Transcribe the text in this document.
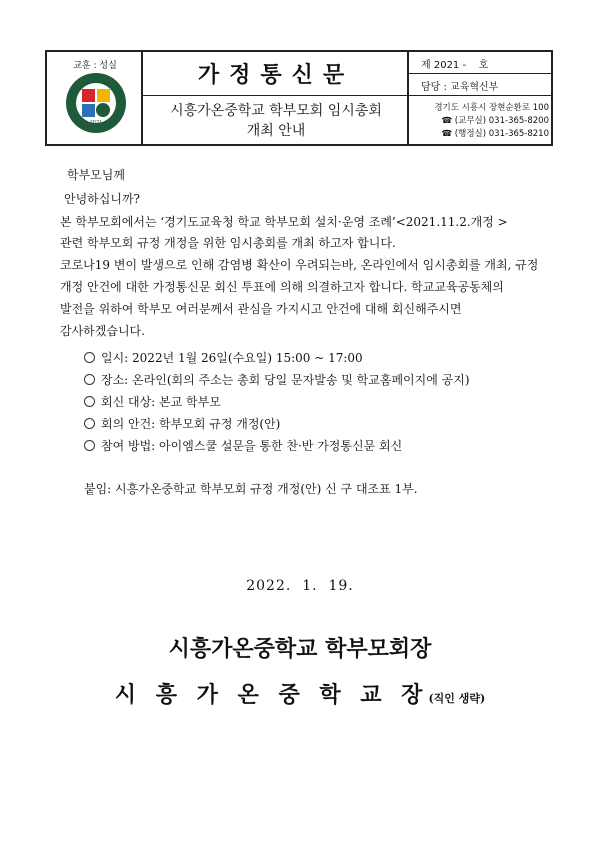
교훈 : 성실
2021
가정통신문
시흥가온중학교 학부모회 임시총회
개최 안내
제 2021 -    호
담당 : 교육혁신부
경기도 시흥시 장현순환로 100
☎ (교무실) 031-365-8200
☎ (행정실) 031-365-8210
학부모님께
안녕하십니까?
본 학부모회에서는 ‘경기도교육청 학교 학부모회 설치·운영 조례’<2021.11.2.개정 >
관련 학부모회 규정 개정을 위한 임시총회를 개최 하고자 합니다.
코로나19 변이 발생으로 인해 감염병 확산이 우려되는바, 온라인에서 임시총회를 개최, 규정
개정 안건에 대한 가정통신문 회신 투표에 의해 의결하고자 합니다. 학교교육공동체의
발전을 위하여 학부모 여러분께서 관심을 가지시고 안건에 대해 회신해주시면
감사하겠습니다.
일시: 2022년 1월 26일(수요일) 15:00 ~ 17:00
장소: 온라인(회의 주소는 총회 당일 문자발송 및 학교홈페이지에 공지)
회신 대상: 본교 학부모
회의 안건: 학부모회 규정 개정(안)
참여 방법: 아이엠스쿨 설문을 통한 찬·반 가정통신문 회신
붙임: 시흥가온중학교 학부모회 규정 개정(안) 신 구 대조표 1부.
2022.  1.  19.
시흥가온중학교 학부모회장
시 흥 가 온 중 학 교 장(직인 생략)
